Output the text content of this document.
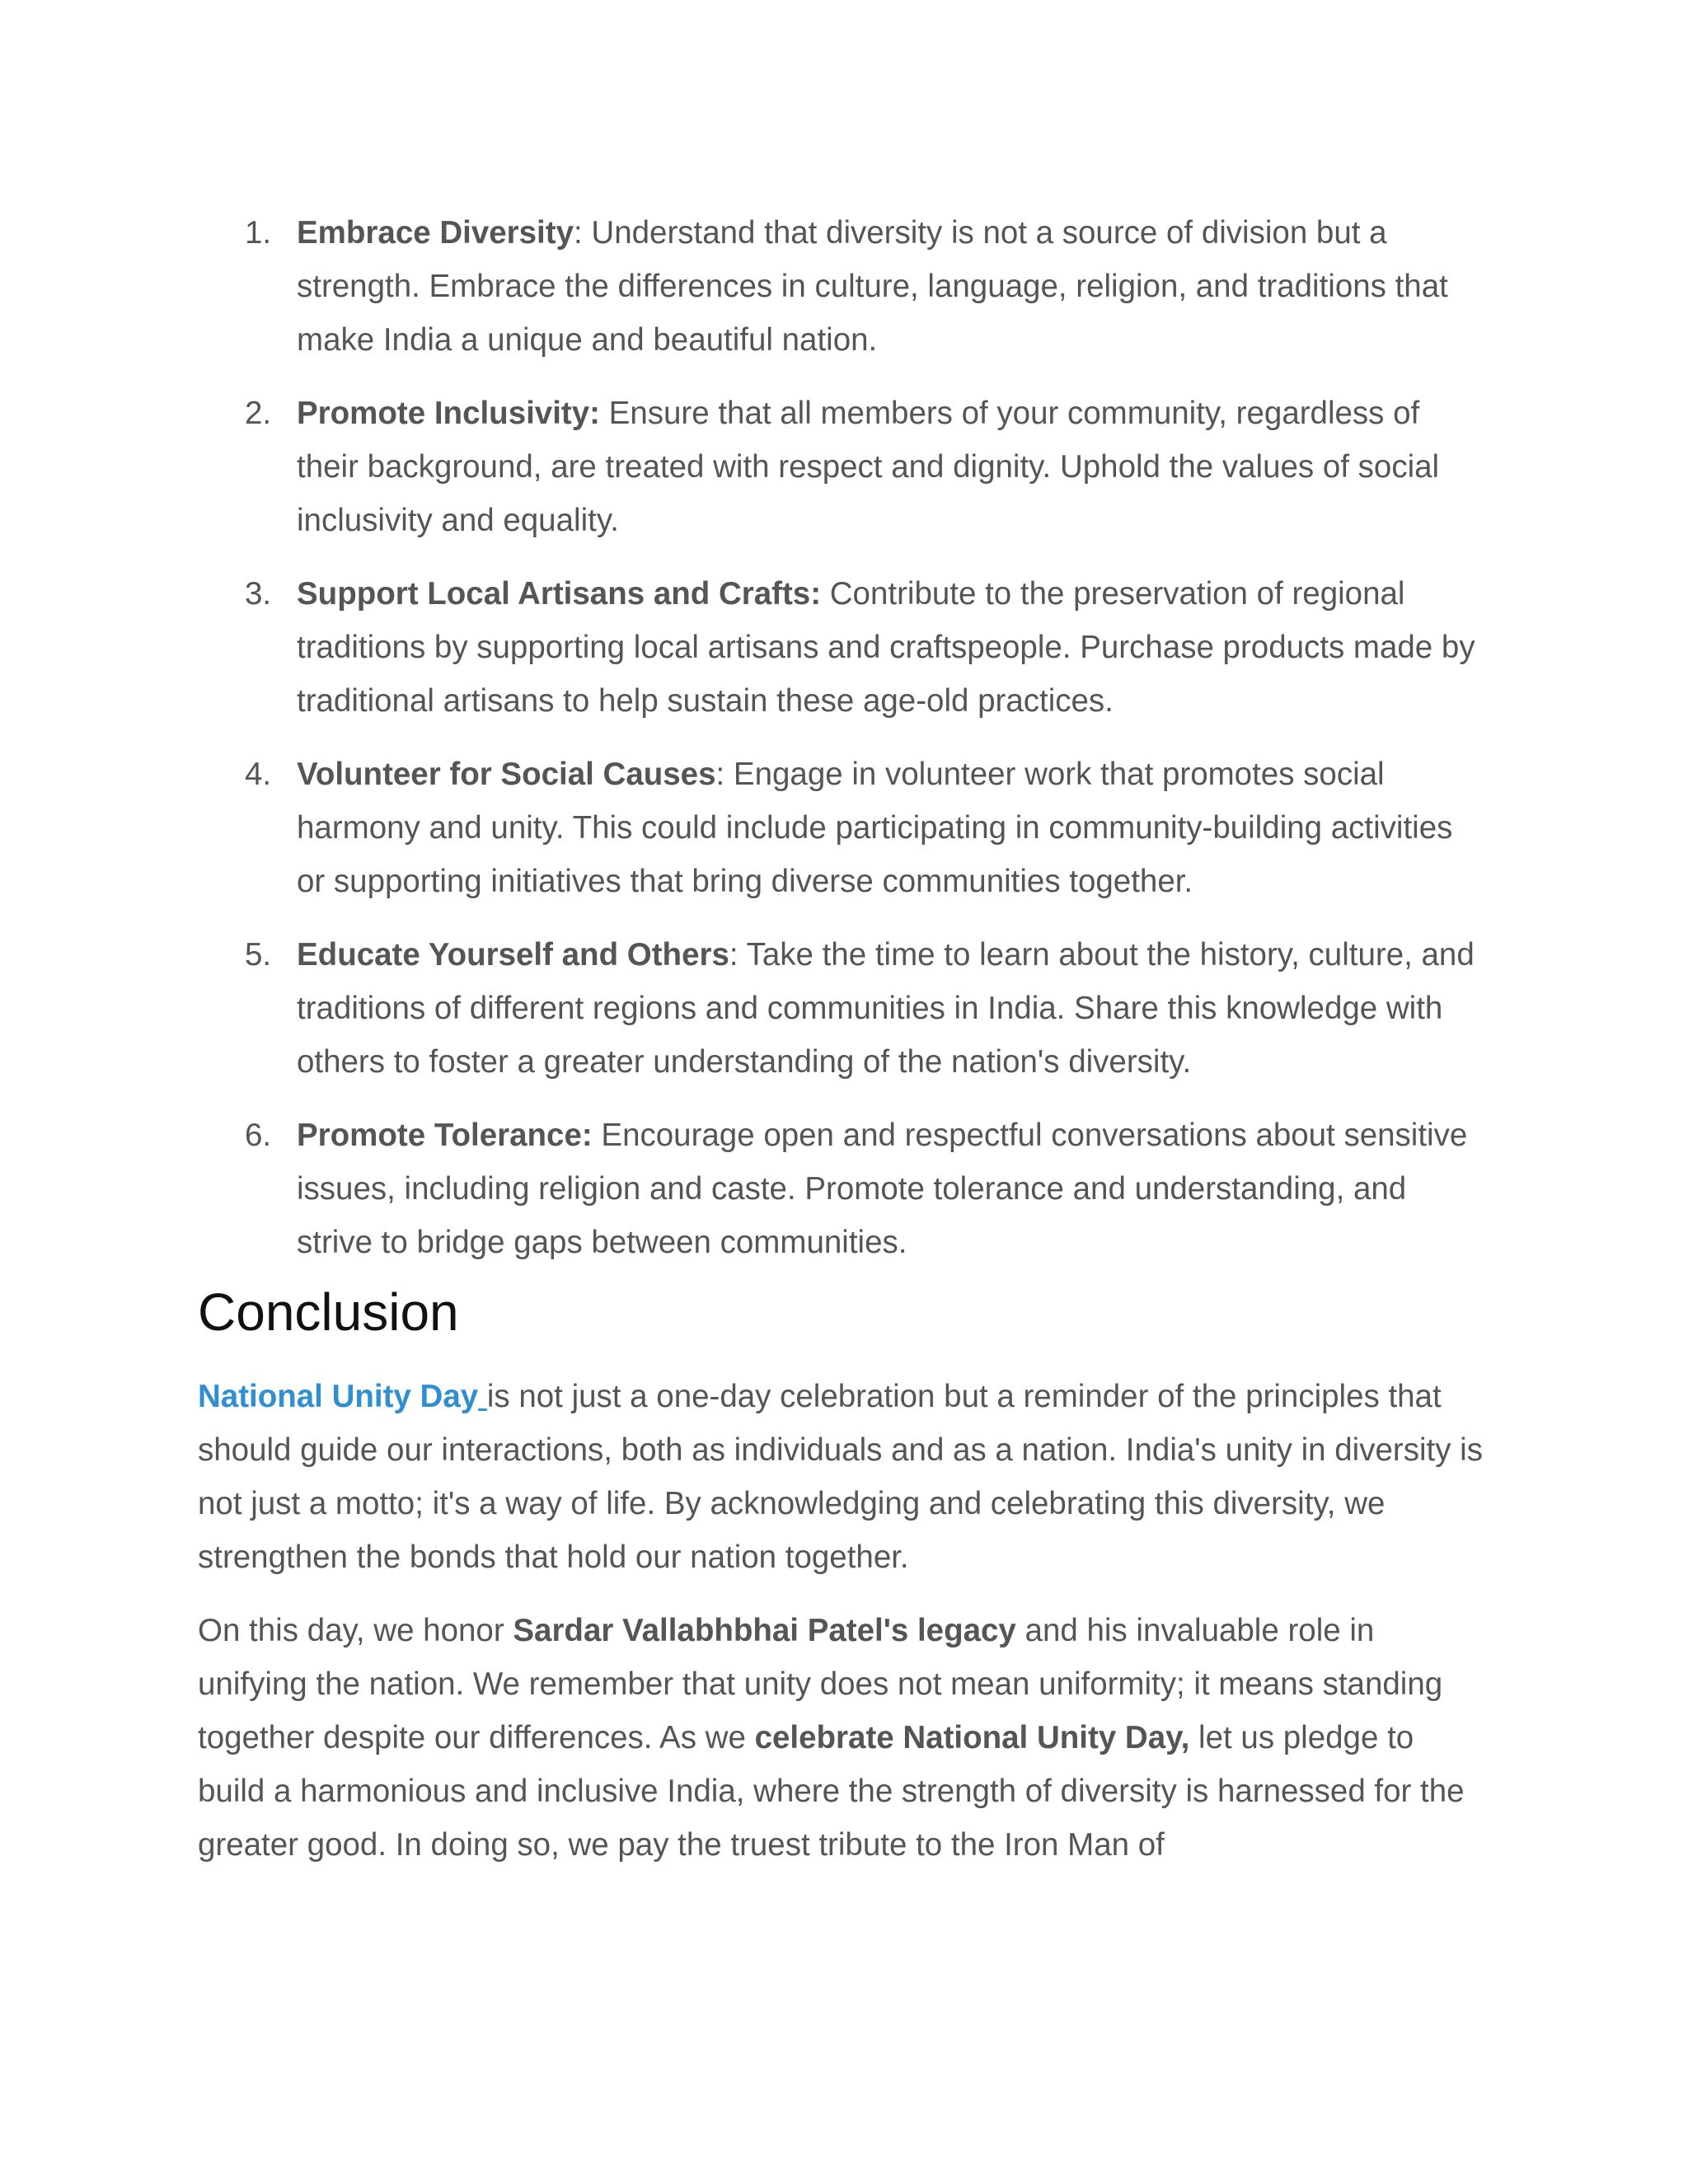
1. Embrace Diversity: Understand that diversity is not a source of division but a strength. Embrace the differences in culture, language, religion, and traditions that make India a unique and beautiful nation.
2. Promote Inclusivity: Ensure that all members of your community, regardless of their background, are treated with respect and dignity. Uphold the values of social inclusivity and equality.
3. Support Local Artisans and Crafts: Contribute to the preservation of regional traditions by supporting local artisans and craftspeople. Purchase products made by traditional artisans to help sustain these age-old practices.
4. Volunteer for Social Causes: Engage in volunteer work that promotes social harmony and unity. This could include participating in community-building activities or supporting initiatives that bring diverse communities together.
5. Educate Yourself and Others: Take the time to learn about the history, culture, and traditions of different regions and communities in India. Share this knowledge with others to foster a greater understanding of the nation's diversity.
6. Promote Tolerance: Encourage open and respectful conversations about sensitive issues, including religion and caste. Promote tolerance and understanding, and strive to bridge gaps between communities.
Conclusion

National Unity Day is not just a one-day celebration but a reminder of the principles that should guide our interactions, both as individuals and as a nation. India's unity in diversity is not just a motto; it's a way of life. By acknowledging and celebrating this diversity, we strengthen the bonds that hold our nation together.

On this day, we honor Sardar Vallabhbhai Patel's legacy and his invaluable role in unifying the nation. We remember that unity does not mean uniformity; it means standing together despite our differences. As we celebrate National Unity Day, let us pledge to build a harmonious and inclusive India, where the strength of diversity is harnessed for the greater good. In doing so, we pay the truest tribute to the Iron Man of
